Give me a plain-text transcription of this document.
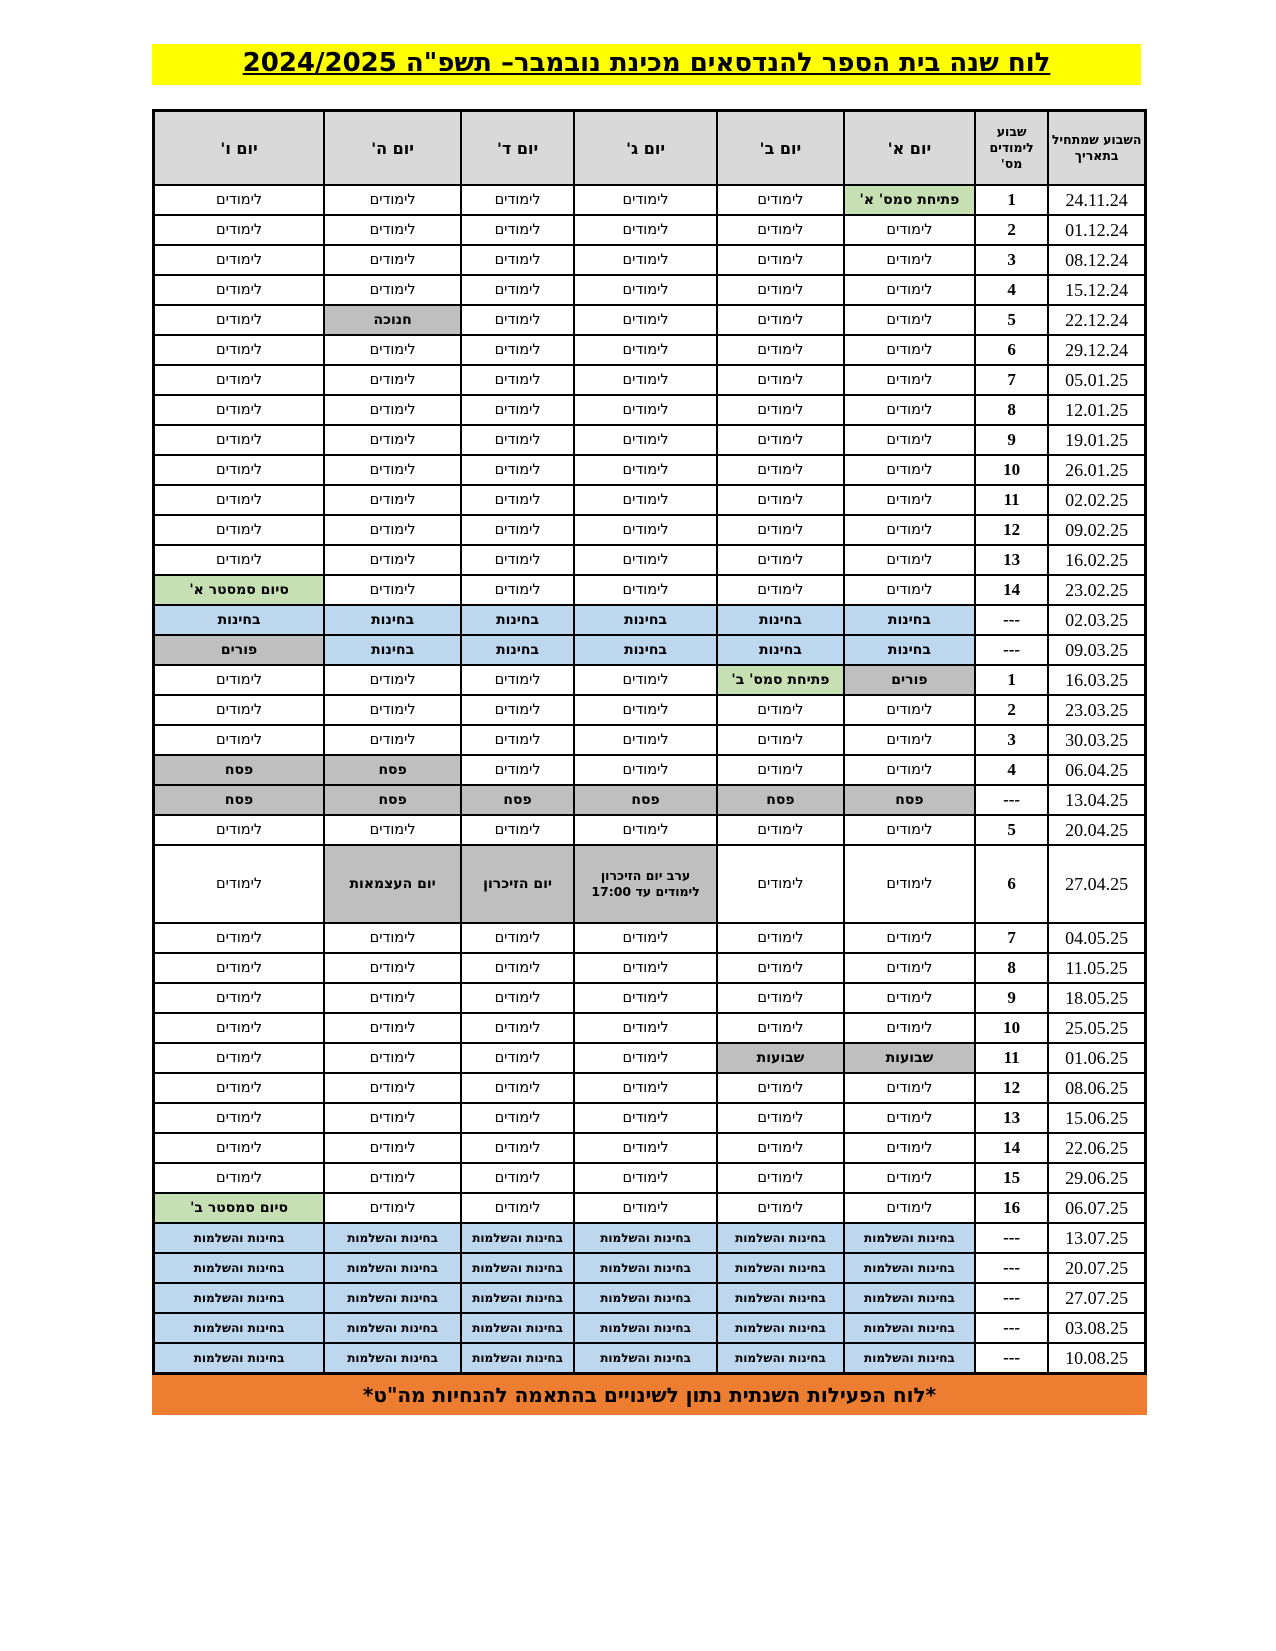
לוח שנה בית הספר להנדסאים מכינת נובמבר– תשפ"ה 2024/2025
השבוע שמתחיל בתאריך	שבוע לימודים מס'	יום א'	יום ב'	יום ג'	יום ד'	יום ה'	יום ו'
24.11.24	1	פתיחת סמס' א'	לימודים	לימודים	לימודים	לימודים	לימודים
01.12.24	2	לימודים	לימודים	לימודים	לימודים	לימודים	לימודים
08.12.24	3	לימודים	לימודים	לימודים	לימודים	לימודים	לימודים
15.12.24	4	לימודים	לימודים	לימודים	לימודים	לימודים	לימודים
22.12.24	5	לימודים	לימודים	לימודים	לימודים	חנוכה	לימודים
29.12.24	6	לימודים	לימודים	לימודים	לימודים	לימודים	לימודים
05.01.25	7	לימודים	לימודים	לימודים	לימודים	לימודים	לימודים
12.01.25	8	לימודים	לימודים	לימודים	לימודים	לימודים	לימודים
19.01.25	9	לימודים	לימודים	לימודים	לימודים	לימודים	לימודים
26.01.25	10	לימודים	לימודים	לימודים	לימודים	לימודים	לימודים
02.02.25	11	לימודים	לימודים	לימודים	לימודים	לימודים	לימודים
09.02.25	12	לימודים	לימודים	לימודים	לימודים	לימודים	לימודים
16.02.25	13	לימודים	לימודים	לימודים	לימודים	לימודים	לימודים
23.02.25	14	לימודים	לימודים	לימודים	לימודים	לימודים	סיום סמסטר א'
02.03.25	---	בחינות	בחינות	בחינות	בחינות	בחינות	בחינות
09.03.25	---	בחינות	בחינות	בחינות	בחינות	בחינות	פורים
16.03.25	1	פורים	פתיחת סמס' ב'	לימודים	לימודים	לימודים	לימודים
23.03.25	2	לימודים	לימודים	לימודים	לימודים	לימודים	לימודים
30.03.25	3	לימודים	לימודים	לימודים	לימודים	לימודים	לימודים
06.04.25	4	לימודים	לימודים	לימודים	לימודים	פסח	פסח
13.04.25	---	פסח	פסח	פסח	פסח	פסח	פסח
20.04.25	5	לימודים	לימודים	לימודים	לימודים	לימודים	לימודים
27.04.25	6	לימודים	לימודים	ערב יום הזיכרון לימודים עד 17:00	יום הזיכרון	יום העצמאות	לימודים
04.05.25	7	לימודים	לימודים	לימודים	לימודים	לימודים	לימודים
11.05.25	8	לימודים	לימודים	לימודים	לימודים	לימודים	לימודים
18.05.25	9	לימודים	לימודים	לימודים	לימודים	לימודים	לימודים
25.05.25	10	לימודים	לימודים	לימודים	לימודים	לימודים	לימודים
01.06.25	11	שבועות	שבועות	לימודים	לימודים	לימודים	לימודים
08.06.25	12	לימודים	לימודים	לימודים	לימודים	לימודים	לימודים
15.06.25	13	לימודים	לימודים	לימודים	לימודים	לימודים	לימודים
22.06.25	14	לימודים	לימודים	לימודים	לימודים	לימודים	לימודים
29.06.25	15	לימודים	לימודים	לימודים	לימודים	לימודים	לימודים
06.07.25	16	לימודים	לימודים	לימודים	לימודים	לימודים	סיום סמסטר ב'
13.07.25	---	בחינות והשלמות	בחינות והשלמות	בחינות והשלמות	בחינות והשלמות	בחינות והשלמות	בחינות והשלמות
20.07.25	---	בחינות והשלמות	בחינות והשלמות	בחינות והשלמות	בחינות והשלמות	בחינות והשלמות	בחינות והשלמות
27.07.25	---	בחינות והשלמות	בחינות והשלמות	בחינות והשלמות	בחינות והשלמות	בחינות והשלמות	בחינות והשלמות
03.08.25	---	בחינות והשלמות	בחינות והשלמות	בחינות והשלמות	בחינות והשלמות	בחינות והשלמות	בחינות והשלמות
10.08.25	---	בחינות והשלמות	בחינות והשלמות	בחינות והשלמות	בחינות והשלמות	בחינות והשלמות	בחינות והשלמות
*לוח הפעילות השנתית נתון לשינויים בהתאמה להנחיות מה"ט*
